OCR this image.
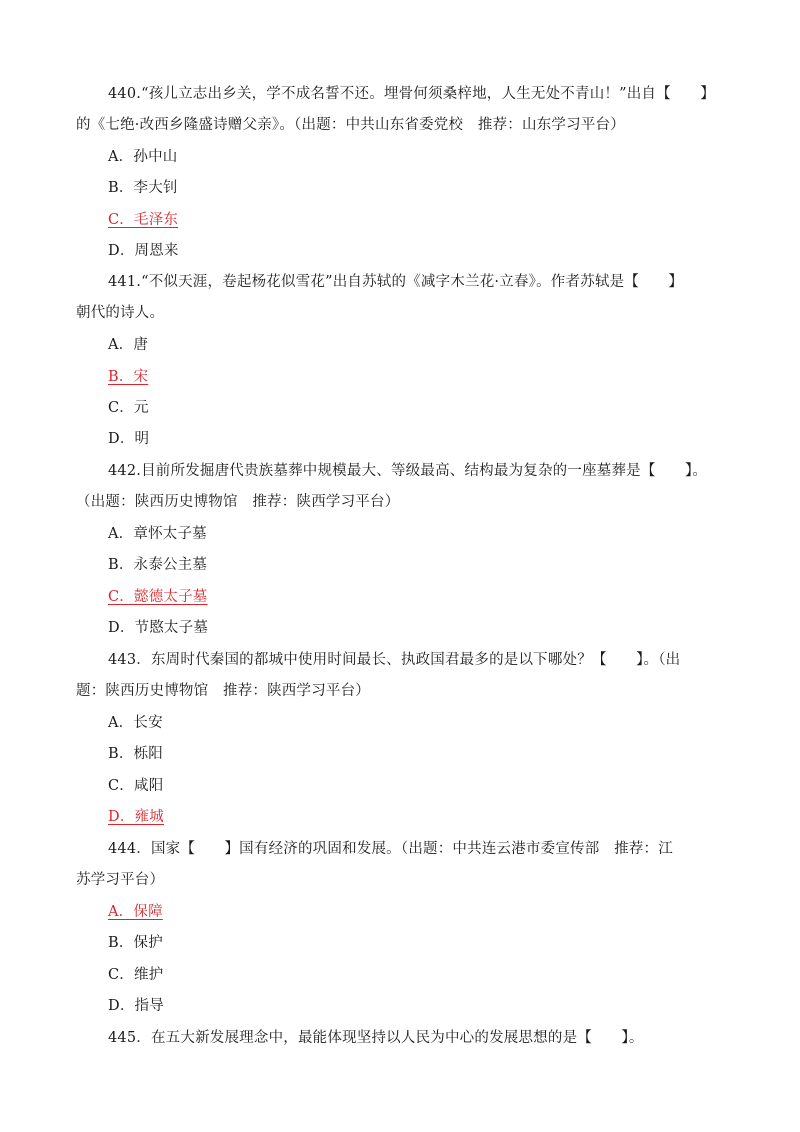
440.“孩儿立志出乡关，学不成名誓不还。埋骨何须桑梓地，人生无处不青山！”出自【　　】
的《七绝·改西乡隆盛诗赠父亲》。（出题：中共山东省委党校　推荐：山东学习平台）
A．孙中山
B．李大钊
C．毛泽东
D．周恩来
441.“不似天涯，卷起杨花似雪花”出自苏轼的《减字木兰花·立春》。作者苏轼是【　　】
朝代的诗人。
A．唐
B．宋
C．元
D．明
442.目前所发掘唐代贵族墓葬中规模最大、等级最高、结构最为复杂的一座墓葬是【　　】。
（出题：陕西历史博物馆　推荐：陕西学习平台）
A．章怀太子墓
B．永泰公主墓
C．懿德太子墓
D．节愍太子墓
443．东周时代秦国的都城中使用时间最长、执政国君最多的是以下哪处？【　　】。（出
题：陕西历史博物馆　推荐：陕西学习平台）
A．长安
B．栎阳
C．咸阳
D．雍城
444．国家【　　】国有经济的巩固和发展。（出题：中共连云港市委宣传部　推荐：江
苏学习平台）
A．保障
B．保护
C．维护
D．指导
445．在五大新发展理念中，最能体现坚持以人民为中心的发展思想的是【　　】。
